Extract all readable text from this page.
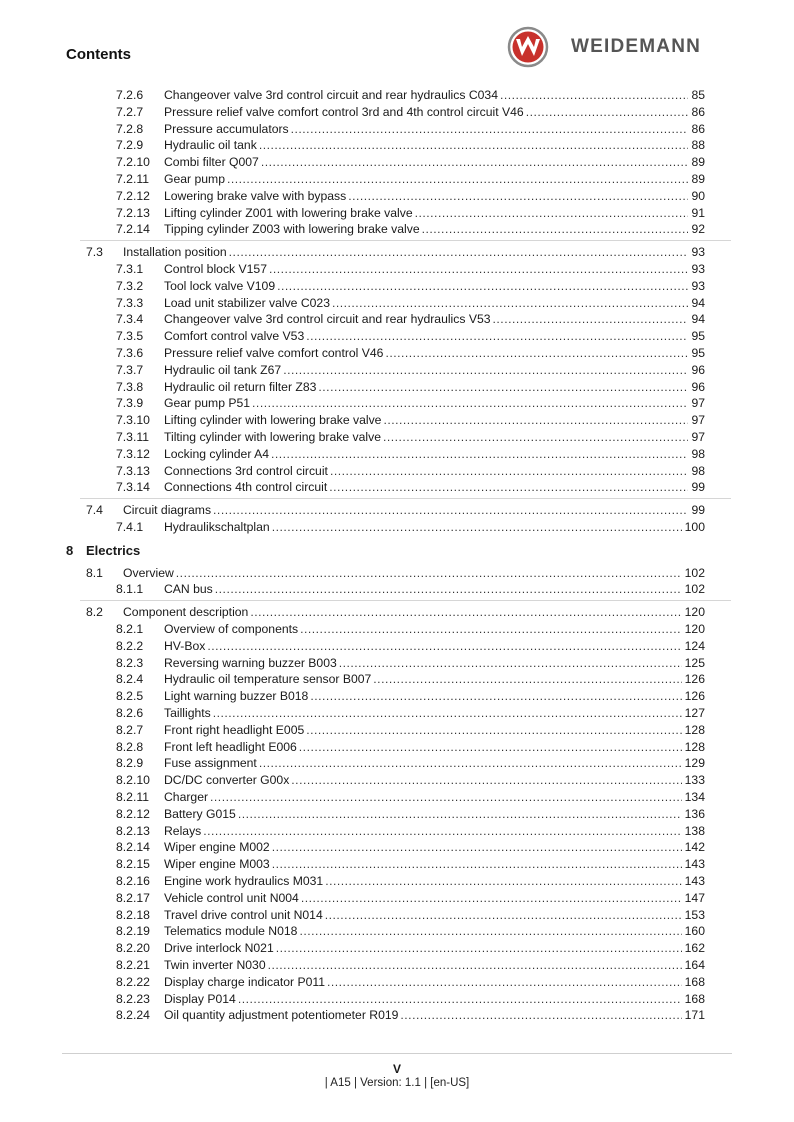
Contents	WEIDEMANN
7.2.6 Changeover valve 3rd control circuit and rear hydraulics C034 .....	85
7.2.7 Pressure relief valve comfort control 3rd and 4th control circuit V46 .....	86
7.2.8 Pressure accumulators .....	86
7.2.9 Hydraulic oil tank .....	88
7.2.10 Combi filter Q007 .....	89
7.2.11 Gear pump .....	89
7.2.12 Lowering brake valve with bypass .....	90
7.2.13 Lifting cylinder Z001 with lowering brake valve .....	91
7.2.14 Tipping cylinder Z003 with lowering brake valve .....	92
7.3 Installation position .....	93
7.3.1 Control block V157 .....	93
7.3.2 Tool lock valve V109 .....	93
7.3.3 Load unit stabilizer valve C023 .....	94
7.3.4 Changeover valve 3rd control circuit and rear hydraulics V53 .....	94
7.3.5 Comfort control valve V53 .....	95
7.3.6 Pressure relief valve comfort control V46 .....	95
7.3.7 Hydraulic oil tank Z67 .....	96
7.3.8 Hydraulic oil return filter Z83 .....	96
7.3.9 Gear pump P51 .....	97
7.3.10 Lifting cylinder with lowering brake valve .....	97
7.3.11 Tilting cylinder with lowering brake valve .....	97
7.3.12 Locking cylinder A4 .....	98
7.3.13 Connections 3rd control circuit .....	98
7.3.14 Connections 4th control circuit .....	99
7.4 Circuit diagrams .....	99
7.4.1 Hydraulikschaltplan .....	100
8 Electrics
8.1 Overview .....	102
8.1.1 CAN bus .....	102
8.2 Component description .....	120
8.2.1 Overview of components .....	120
8.2.2 HV-Box .....	124
8.2.3 Reversing warning buzzer B003 .....	125
8.2.4 Hydraulic oil temperature sensor B007 .....	126
8.2.5 Light warning buzzer B018 .....	126
8.2.6 Taillights .....	127
8.2.7 Front right headlight E005 .....	128
8.2.8 Front left headlight E006 .....	128
8.2.9 Fuse assignment .....	129
8.2.10 DC/DC converter G00x .....	133
8.2.11 Charger .....	134
8.2.12 Battery G015 .....	136
8.2.13 Relays .....	138
8.2.14 Wiper engine M002 .....	142
8.2.15 Wiper engine M003 .....	143
8.2.16 Engine work hydraulics M031 .....	143
8.2.17 Vehicle control unit N004 .....	147
8.2.18 Travel drive control unit N014 .....	153
8.2.19 Telematics module N018 .....	160
8.2.20 Drive interlock N021 .....	162
8.2.21 Twin inverter N030 .....	164
8.2.22 Display charge indicator P011 .....	168
8.2.23 Display P014 .....	168
8.2.24 Oil quantity adjustment potentiometer R019 .....	171
V
| A15 | Version: 1.1 | [en-US]
